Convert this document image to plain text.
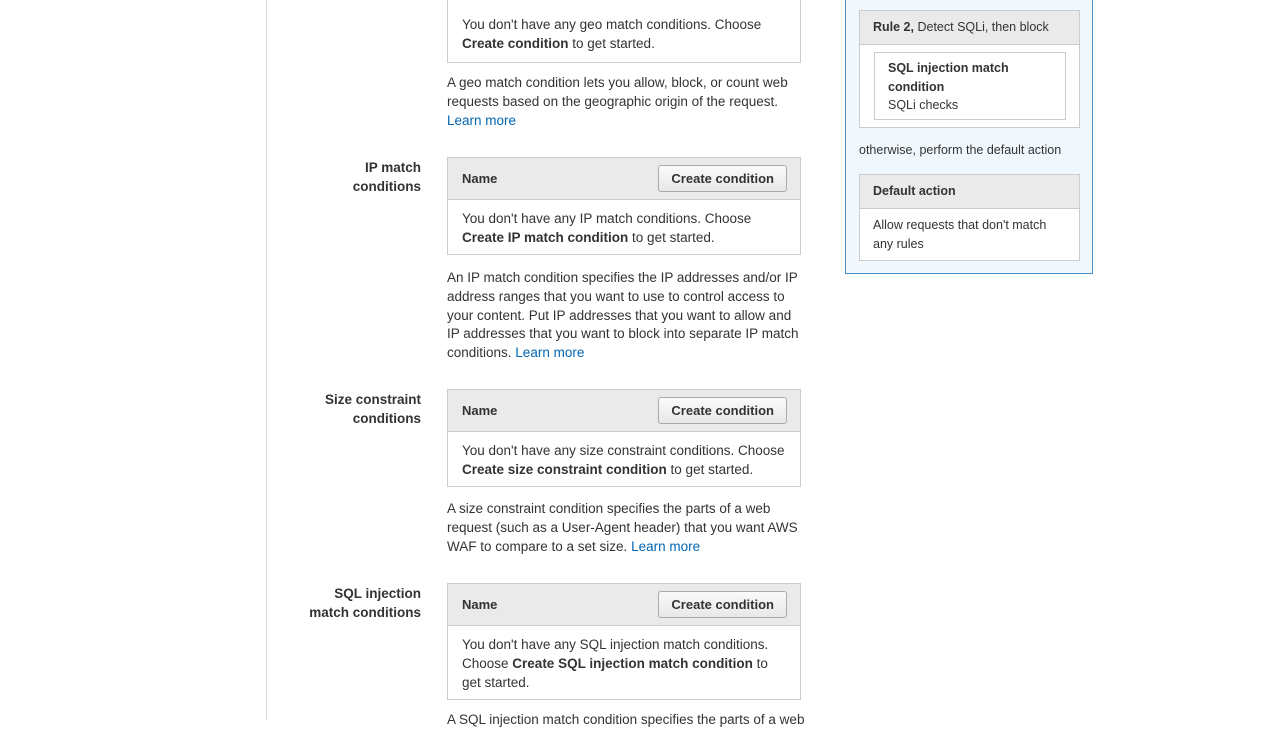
You don't have any geo match conditions. Choose Create condition to get started.
A geo match condition lets you allow, block, or count web requests based on the geographic origin of the request. Learn more
IP match conditions
Name	Create condition
You don't have any IP match conditions. Choose Create IP match condition to get started.
An IP match condition specifies the IP addresses and/or IP address ranges that you want to use to control access to your content. Put IP addresses that you want to allow and IP addresses that you want to block into separate IP match conditions. Learn more
Size constraint conditions
Name	Create condition
You don't have any size constraint conditions. Choose Create size constraint condition to get started.
A size constraint condition specifies the parts of a web request (such as a User-Agent header) that you want AWS WAF to compare to a set size. Learn more
SQL injection match conditions
Name	Create condition
You don't have any SQL injection match conditions. Choose Create SQL injection match condition to get started.
A SQL injection match condition specifies the parts of a web
Rule 2, Detect SQLi, then block
SQL injection match condition
SQLi checks
otherwise, perform the default action
Default action
Allow requests that don't match any rules
